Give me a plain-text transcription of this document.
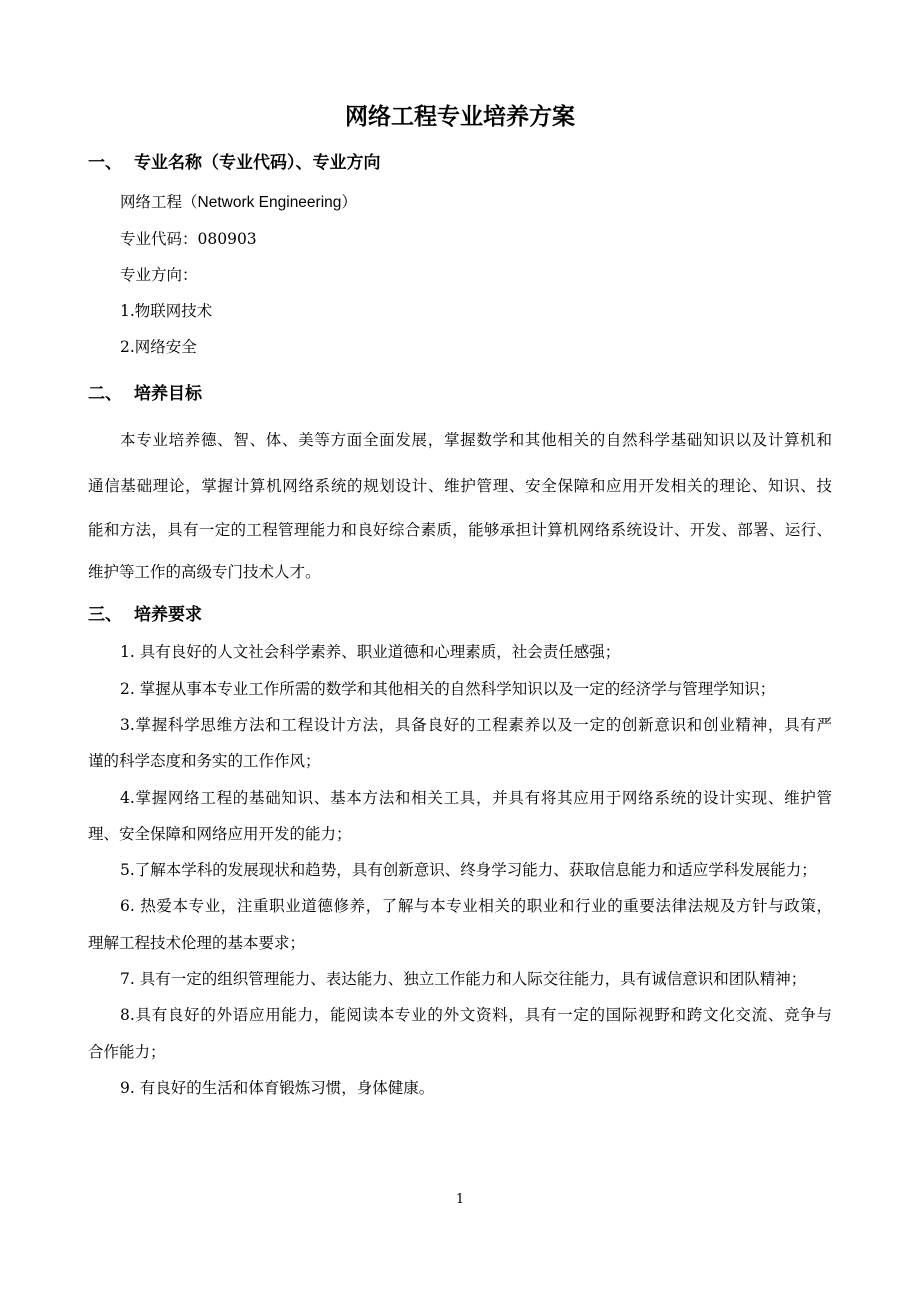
网络工程专业培养方案
一、 专业名称（专业代码）、专业方向
网络工程（Network Engineering）
专业代码：080903
专业方向：
1.物联网技术
2.网络安全
二、 培养目标
本专业培养德、智、体、美等方面全面发展，掌握数学和其他相关的自然科学基础知识以及计算机和
通信基础理论，掌握计算机网络系统的规划设计、维护管理、安全保障和应用开发相关的理论、知识、技
能和方法，具有一定的工程管理能力和良好综合素质，能够承担计算机网络系统设计、开发、部署、运行、
维护等工作的高级专门技术人才。
三、 培养要求
1. 具有良好的人文社会科学素养、职业道德和心理素质，社会责任感强；
2. 掌握从事本专业工作所需的数学和其他相关的自然科学知识以及一定的经济学与管理学知识；
3.掌握科学思维方法和工程设计方法，具备良好的工程素养以及一定的创新意识和创业精神，具有严
谨的科学态度和务实的工作作风；
4.掌握网络工程的基础知识、基本方法和相关工具，并具有将其应用于网络系统的设计实现、维护管
理、安全保障和网络应用开发的能力；
5.了解本学科的发展现状和趋势，具有创新意识、终身学习能力、获取信息能力和适应学科发展能力；
6. 热爱本专业，注重职业道德修养，了解与本专业相关的职业和行业的重要法律法规及方针与政策，
理解工程技术伦理的基本要求；
7. 具有一定的组织管理能力、表达能力、独立工作能力和人际交往能力，具有诚信意识和团队精神；
8.具有良好的外语应用能力，能阅读本专业的外文资料，具有一定的国际视野和跨文化交流、竞争与
合作能力；
9. 有良好的生活和体育锻炼习惯，身体健康。
1
